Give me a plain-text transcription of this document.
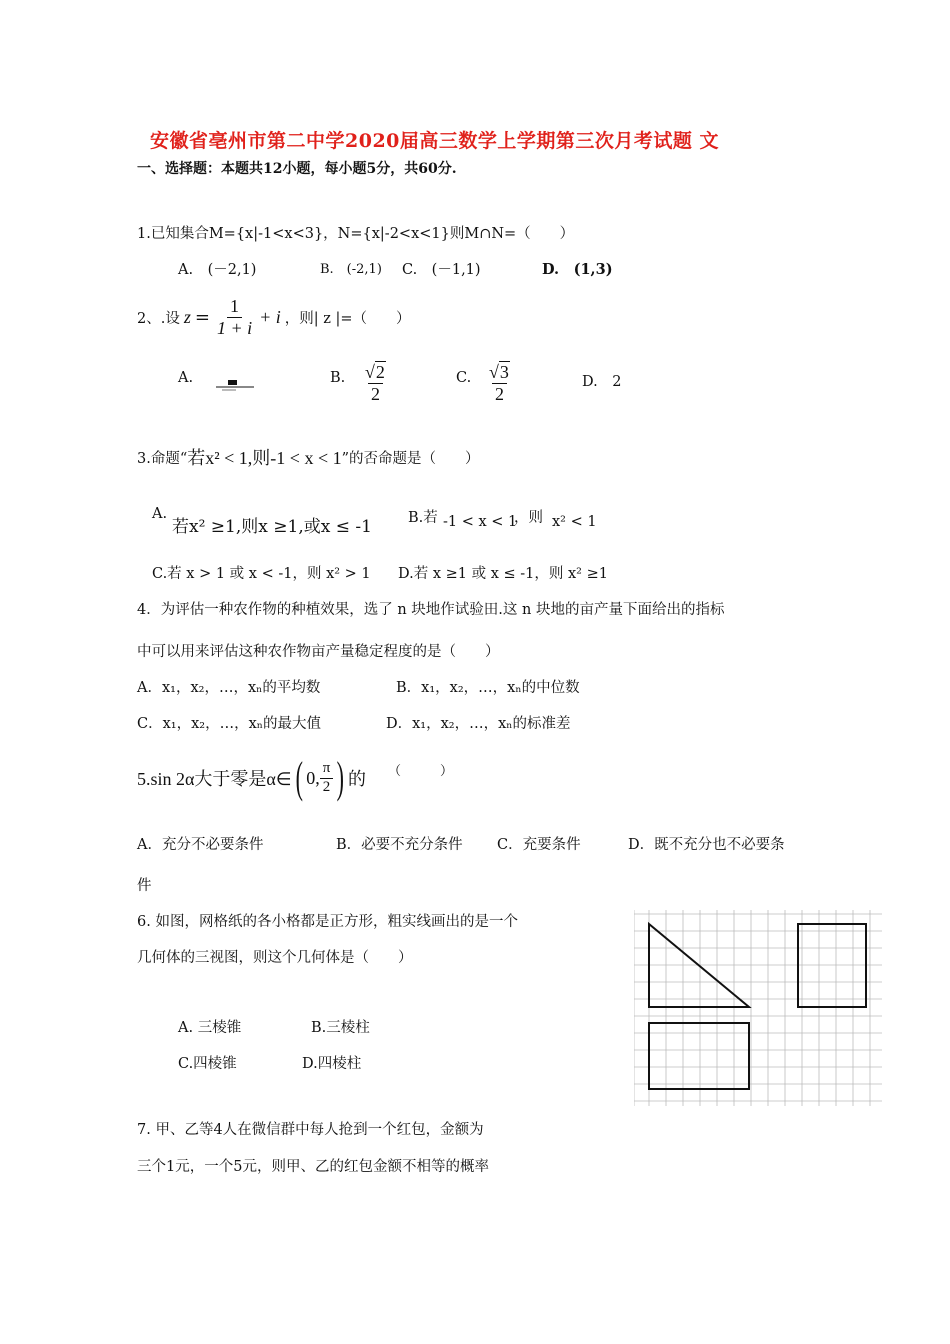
安徽省亳州市第二中学2020届高三数学上学期第三次月考试题 文
一、选择题：本题共12小题，每小题5分，共60分.
1.已知集合M={x|-1<x<3}，N={x|-2<x<1}则M∩N=（　　）
A.　(－2,1)	B.　(-2,1) C.　(－1,1)	D.　(1,3)
2、.设 $z = \frac{1}{1 + i} + i$ ，则| z |=（　　）
A.	B. $\frac{√2}{2}$	C. $\frac{√3}{2}$	D.　2
3.命题“ 若x² < 1,则-1 < x < 1 ”的否命题是（　　）
A.
若x² ≥1,则x ≥1,或x ≤ -1 B.若 -1 < x < 1
，则 x² < 1
C.若 x > 1 或 x < -1，则 x² > 1 D.若 x ≥1 或 x ≤ -1，则 x² ≥1
4．为评估一种农作物的种植效果，选了 n 块地作试验田.这 n 块地的亩产量下面给出的指标
中可以用来评估这种农作物亩产量稳定程度的是（　　）
A．x₁，x₂，…，xₙ的平均数	B．x₁，x₂，…，xₙ的中位数
C．x₁，x₂，…，xₙ的最大值	D．x₁，x₂，…，xₙ的标准差
5.sin 2α大于零是α∈ ( 0, $\frac{\pi}{2}$ ) 的 （　　　）
A．充分不必要条件	B．必要不充分条件 C．充要条件	D．既不充分也不必要条
件
6. 如图，网格纸的各小格都是正方形，粗实线画出的是一个
几何体的三视图，则这个几何体是（　　）
A. 三棱锥	B.三棱柱
C.四棱锥	D.四棱柱
7. 甲、乙等4人在微信群中每人抢到一个红包，金额为
三个1元，一个5元，则甲、乙的红包金额不相等的概率
